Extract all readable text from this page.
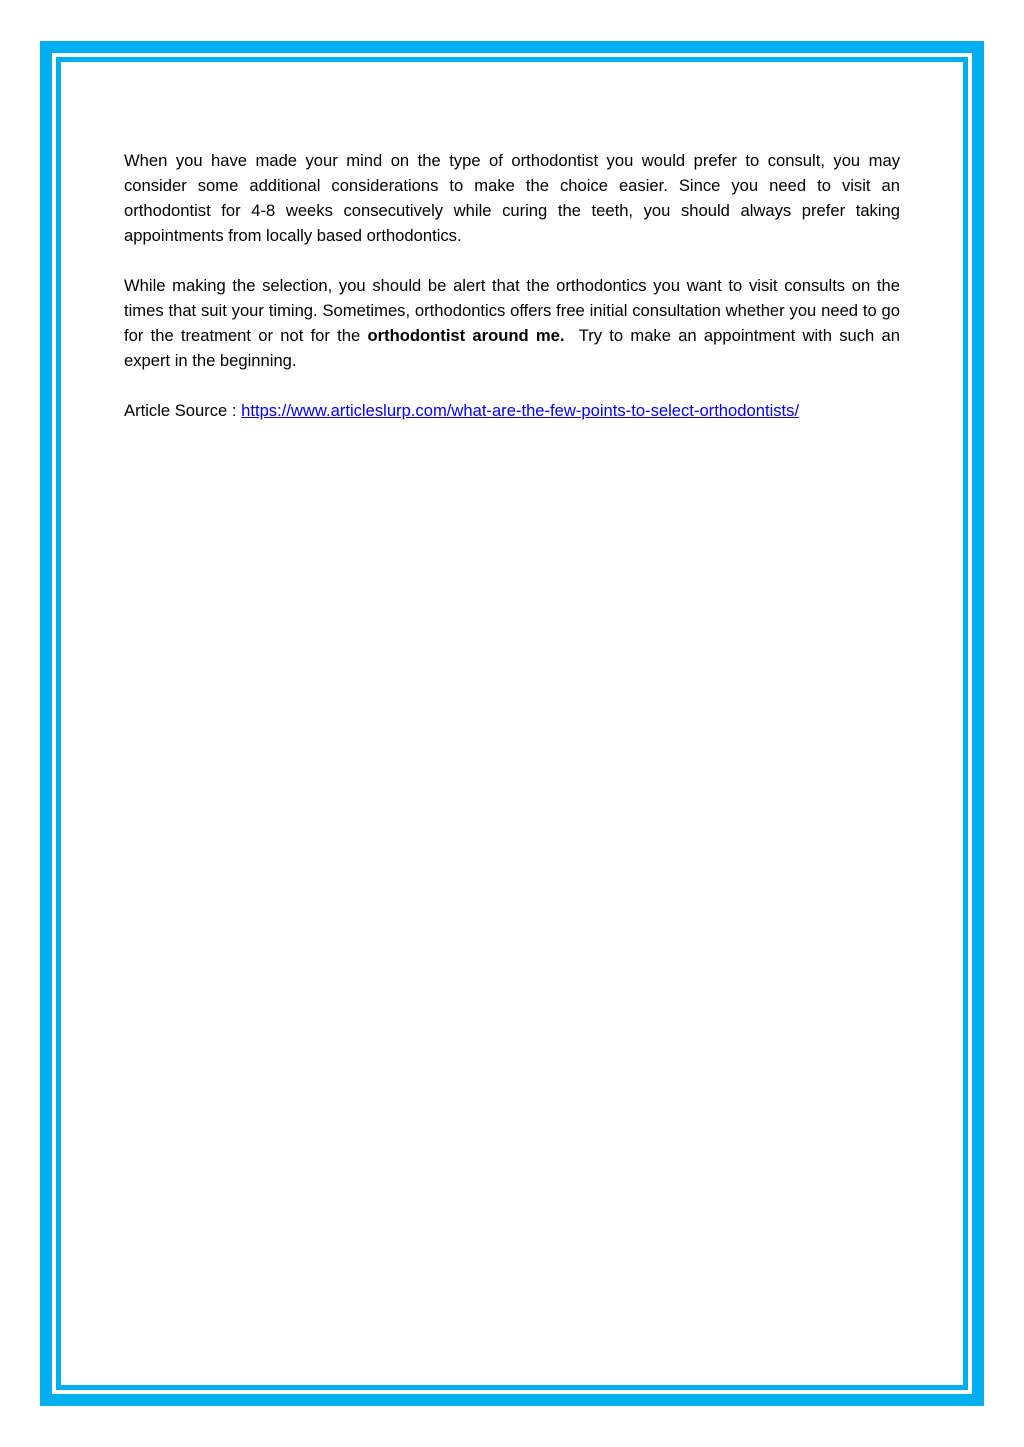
When you have made your mind on the type of orthodontist you would prefer to consult, you may consider some additional considerations to make the choice easier. Since you need to visit an orthodontist for 4-8 weeks consecutively while curing the teeth, you should always prefer taking appointments from locally based orthodontics.

While making the selection, you should be alert that the orthodontics you want to visit consults on the times that suit your timing. Sometimes, orthodontics offers free initial consultation whether you need to go for the treatment or not for the orthodontist around me.  Try to make an appointment with such an expert in the beginning.

Article Source : https://www.articleslurp.com/what-are-the-few-points-to-select-orthodontists/
